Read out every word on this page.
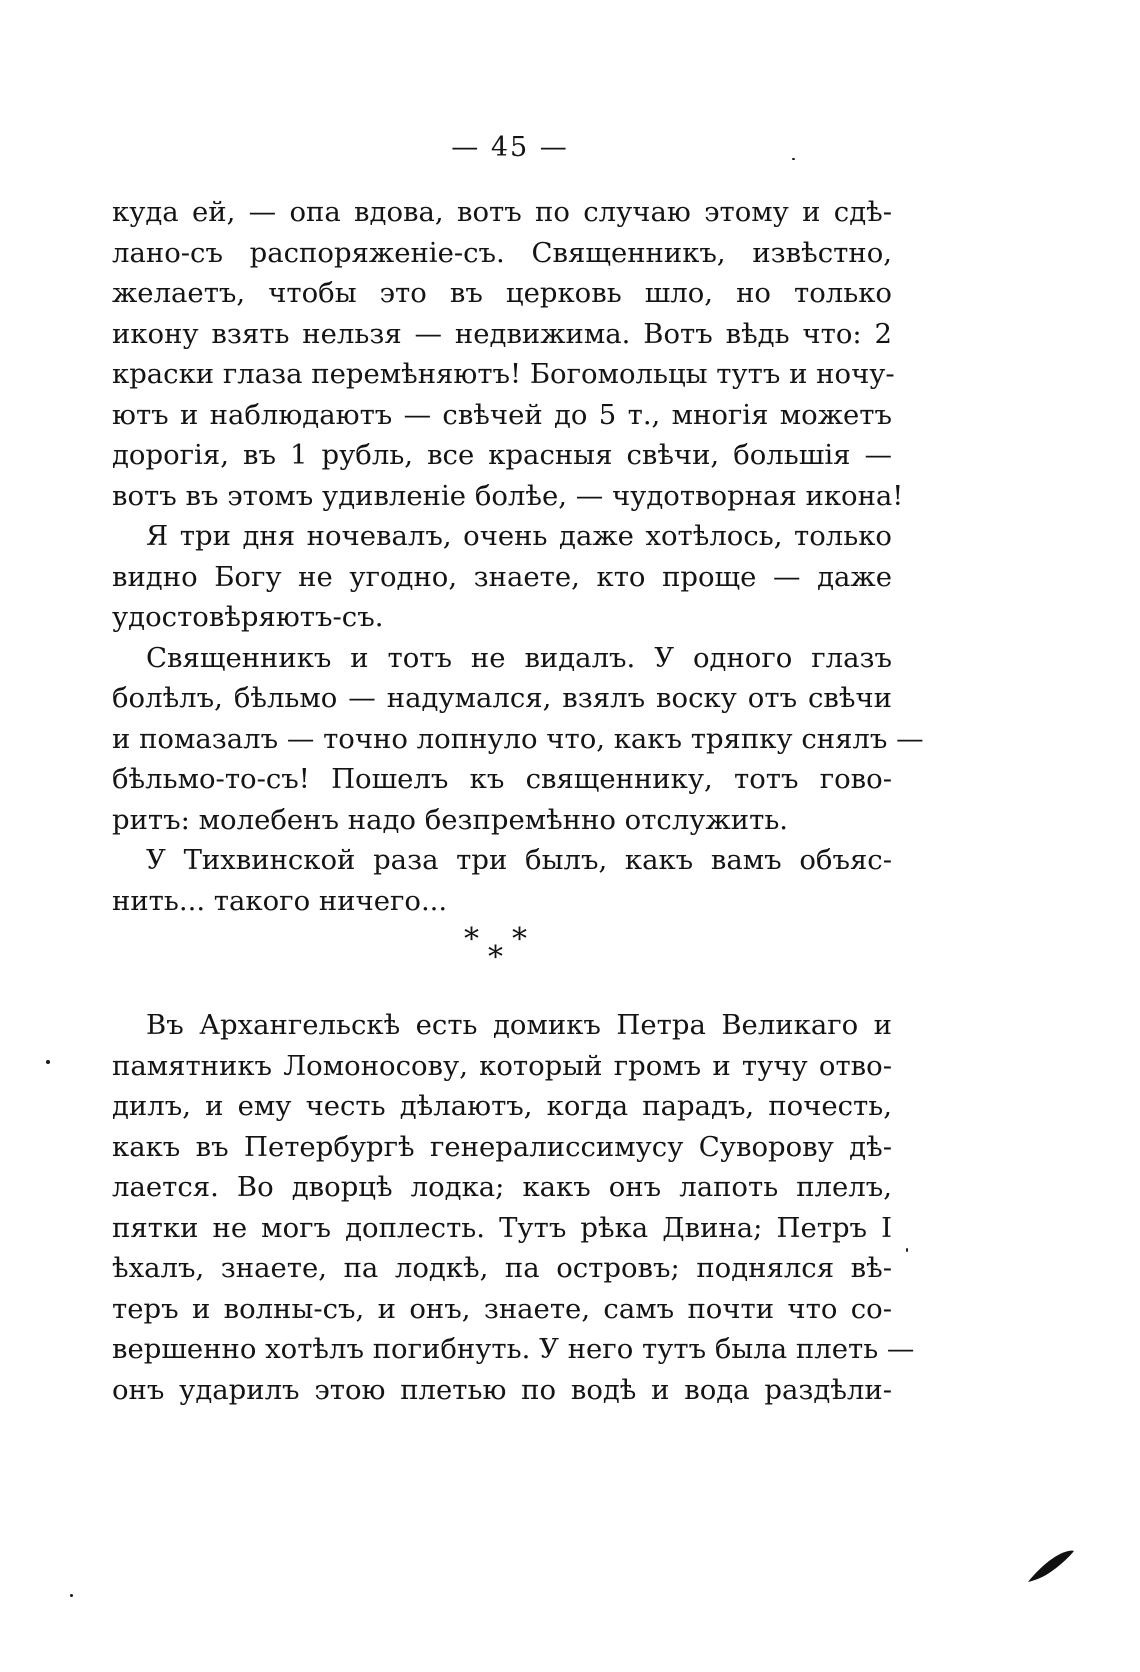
— 45 —
куда ей, — опа вдова, вотъ по случаю этому и сдѣ-
лано-съ распоряженіе-съ. Священникъ, извѣстно,
желаетъ, чтобы это въ церковь шло, но только
икону взять нельзя — недвижима. Вотъ вѣдь что: 2
краски глаза перемѣняютъ! Богомольцы тутъ и ночу-
ютъ и наблюдаютъ — свѣчей до 5 т., многія можетъ
дорогія, въ 1 рубль, все красныя свѣчи, большія —
вотъ въ этомъ удивленіе болѣе, — чудотворная икона!
Я три дня ночевалъ, очень даже хотѣлось, только
видно Богу не угодно, знаете, кто проще — даже
удостовѣряютъ-съ.
Священникъ и тотъ не видалъ. У одного глазъ
болѣлъ, бѣльмо — надумался, взялъ воску отъ свѣчи
и помазалъ — точно лопнуло что, какъ тряпку снялъ —
бѣльмо-то-съ! Пошелъ къ священнику, тотъ гово-
ритъ: молебенъ надо безпремѣнно отслужить.
У Тихвинской раза три былъ, какъ вамъ объяс-
нить... такого ничего...
* *
*
Въ Архангельскѣ есть домикъ Петра Великаго и
памятникъ Ломоносову, который громъ и тучу отво-
дилъ, и ему честь дѣлаютъ, когда парадъ, почесть,
какъ въ Петербургѣ генералиссимусу Суворову дѣ-
лается. Во дворцѣ лодка; какъ онъ лапоть плелъ,
пятки не могъ доплесть. Тутъ рѣка Двина; Петръ I
ѣхалъ, знаете, па лодкѣ, па островъ; поднялся вѣ-
теръ и волны-съ, и онъ, знаете, самъ почти что со-
вершенно хотѣлъ погибнуть. У него тутъ была плеть —
онъ ударилъ этою плетью по водѣ и вода раздѣли-
